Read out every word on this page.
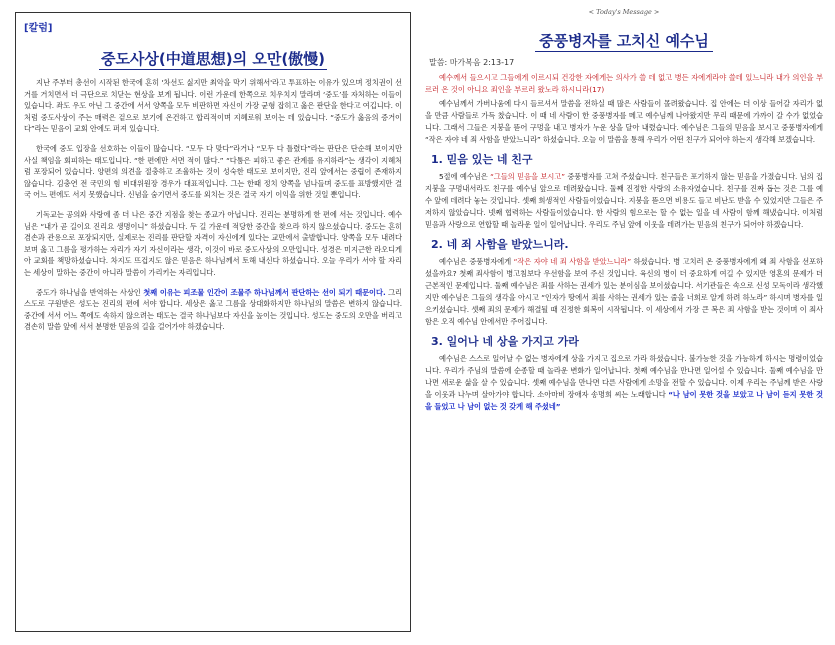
[칼럼]
중도사상(中道思想)의 오만(傲慢)

지난 주부터 총선이 시작된 한국에 흔히 '차선도 싫지만 최악을 막기 위해서'라고 투표하는 이유가 있으며 정치권이 선거를 거치면서 더 극단으로 치닫는 현상을 보게 됩니다. 이런 가운데 한쪽으로 치우치지 말라며 ‘중도’를 자처하는 이들이 있습니다. 좌도 우도 아닌 그 중간에 서서 양쪽을 모두 비판하면 자신이 가장 균형 잡히고 옳은 판단을 한다고 여깁니다. 이처럼 중도사상이 주는 매력은 겉으로 보기에 온건하고 합리적이며 지혜로워 보이는 데 있습니다. “중도가 옳음의 증거이다”라는 믿음이 교회 안에도 퍼져 있습니다.

한국에 중도 입장을 선호하는 이들이 많습니다. “모두 다 맞다”라거나 “모두 다 틀렸다”라는 판단은 단순해 보이지만 사실 책임을 회피하는 태도입니다. “한 편에만 서면 적이 많다.” “다툼은 피하고 좋은 관계를 유지하라”는 생각이 지혜처럼 포장되어 있습니다. 양편의 의견을 절충하고 조율하는 것이 성숙한 태도로 보이지만, 진리 앞에서는 중립이 존재하지 않습니다. 김충연 전 국민의 힘 비대위원장 경우가 대표적입니다. 그는 한때 정치 양쪽을 넘나들며 중도를 표방했지만 결국 어느 편에도 서지 못했습니다. 신념을 숨기면서 중도를 외치는 것은 결국 자기 이익을 위한 것일 뿐입니다.

기독교는 공의와 사랑에 좀 더 나은 중간 지점을 찾는 종교가 아닙니다. 진리는 분명하게 한 편에 서는 것입니다. 예수님은 “내가 곧 길이요 진리요 생명이니” 하셨습니다. 두 길 가운데 적당한 중간을 찾으라 하지 않으셨습니다. 중도는 흔히 겸손과 관용으로 포장되지만, 실제로는 진리를 판단할 자격이 자신에게 있다는 교만에서 출발합니다. 양쪽을 모두 내려다보며 옳고 그름을 평가하는 자리가 자기 자신이라는 생각, 이것이 바로 중도사상의 오만입니다. 성경은 미지근한 라오디게아 교회를 책망하셨습니다. 차지도 뜨겁지도 않은 믿음은 하나님께서 토해 내신다 하셨습니다. 오늘 우리가 서야 할 자리는 세상이 말하는 중간이 아니라 말씀이 가리키는 자리입니다.

중도가 하나님을 반역하는 사상인 첫째 이유는 피조물 인간이 조물주 하나님께서 판단하는 선이 되기 때문이다. 그리스도로 구원받은 성도는 진리의 편에 서야 합니다. 세상은 옳고 그름을 상대화하지만 하나님의 말씀은 변하지 않습니다. 중간에 서서 어느 쪽에도 속하지 않으려는 태도는 결국 하나님보다 자신을 높이는 것입니다. 성도는 중도의 오만을 버리고 겸손히 말씀 앞에 서서 분명한 믿음의 길을 걸어가야 하겠습니다.

< Today's Message >
중풍병자를 고치신 예수님
말씀: 마가복음 2:13-17

예수께서 들으시고 그들에게 이르시되 건강한 자에게는 의사가 쓸 데 없고 병든 자에게라야 쓸데 있느니라 내가 의인을 부르러 온 것이 아니요 죄인을 부르러 왔노라 하시니라(17)

예수님께서 가버나움에 다시 들르셔서 말씀을 전하실 때 많은 사람들이 몰려왔습니다. 집 안에는 더 이상 들어갈 자리가 없을 만큼 사람들로 가득 찼습니다. 이 때 네 사람이 한 중풍병자를 메고 예수님께 나아왔지만 무리 때문에 가까이 갈 수가 없었습니다. 그래서 그들은 지붕을 뜯어 구멍을 내고 병자가 누운 상을 달아 내렸습니다. 예수님은 그들의 믿음을 보시고 중풍병자에게 “작은 자야 네 죄 사함을 받았느니라” 하셨습니다. 오늘 이 말씀을 통해 우리가 어떤 친구가 되어야 하는지 생각해 보겠습니다.

1. 믿음 있는 네 친구

5절에 예수님은 “그들의 믿음을 보시고” 중풍병자를 고쳐 주셨습니다. 친구들은 포기하지 않는 믿음을 가졌습니다. 님의 집 지붕을 구멍내서라도 친구를 예수님 앞으로 데려왔습니다. 둘째 진정한 사랑의 소유자였습니다. 친구를 진짜 돕는 것은 그를 예수 앞에 데려다 놓는 것입니다. 셋째 희생적인 사람들이었습니다. 지붕을 뜯으면 비용도 들고 비난도 받을 수 있었지만 그들은 주저하지 않았습니다. 넷째 협력하는 사람들이었습니다. 한 사람의 힘으로는 할 수 없는 일을 네 사람이 함께 해냈습니다. 이처럼 믿음과 사랑으로 연합할 때 놀라운 일이 일어납니다. 우리도 주님 앞에 이웃을 데려가는 믿음의 친구가 되어야 하겠습니다.

2. 네 죄 사함을 받았느니라.

예수님은 중풍병자에게 “작은 자야 네 죄 사함을 받았느니라” 하셨습니다. 병 고치러 온 중풍병자에게 왜 죄 사함을 선포하셨을까요? 첫째 죄사함이 병고침보다 우선함을 보여 주신 것입니다. 육신의 병이 더 중요하게 여길 수 있지만 영혼의 문제가 더 근본적인 문제입니다. 둘째 예수님은 죄를 사하는 권세가 있는 분이심을 보이셨습니다. 서기관들은 속으로 신성 모독이라 생각했지만 예수님은 그들의 생각을 아시고 “인자가 땅에서 죄를 사하는 권세가 있는 줄을 너희로 알게 하려 하노라” 하시며 병자를 일으키셨습니다. 셋째 죄의 문제가 해결될 때 진정한 회복이 시작됩니다. 이 세상에서 가장 큰 복은 죄 사함을 받는 것이며 이 죄사함은 오직 예수님 안에서만 주어집니다.

3. 일어나 네 상을 가지고 가라

예수님은 스스로 일어날 수 없는 병자에게 상을 가지고 집으로 가라 하셨습니다. 불가능한 것을 가능하게 하시는 명령이었습니다. 우리가 주님의 말씀에 순종할 때 놀라운 변화가 일어납니다. 첫째 예수님을 만나면 일어설 수 있습니다. 둘째 예수님을 만나면 새로운 삶을 살 수 있습니다. 셋째 예수님을 만나면 다른 사람에게 소망을 전할 수 있습니다. 이제 우리는 주님께 받은 사랑을 이웃과 나누며 살아가야 합니다. 소아마비 장애자 송명희 씨는 노래합니다 “나 남이 못한 것을 보았고 나 남이 듣지 못한 것을 들었고 나 남이 없는 것 갖게 해 주셨네”
